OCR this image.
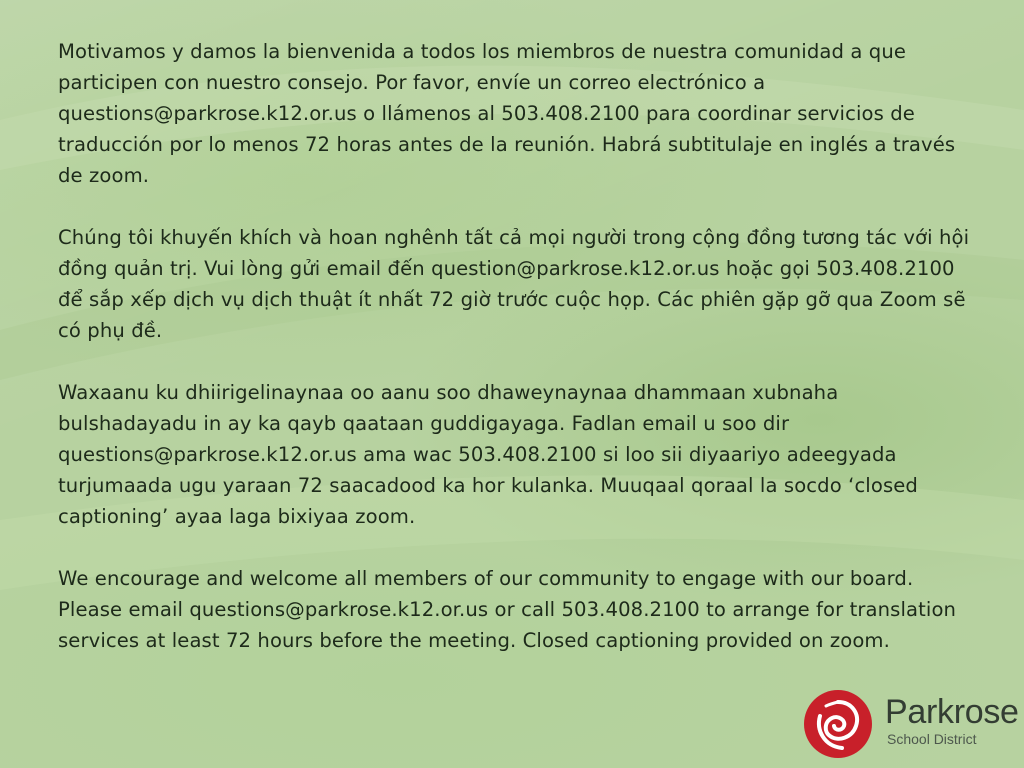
Motivamos y damos la bienvenida a todos los miembros de nuestra comunidad a que participen con nuestro consejo. Por favor, envíe un correo electrónico a questions@parkrose.k12.or.us o llámenos al 503.408.2100 para coordinar servicios de traducción por lo menos 72 horas antes de la reunión. Habrá subtitulaje en inglés a través de zoom.

Chúng tôi khuyến khích và hoan nghênh tất cả mọi người trong cộng đồng tương tác với hội đồng quản trị. Vui lòng gửi email đến question@parkrose.k12.or.us hoặc gọi 503.408.2100 để sắp xếp dịch vụ dịch thuật ít nhất 72 giờ trước cuộc họp. Các phiên gặp gỡ qua Zoom sẽ có phụ đề.

Waxaanu ku dhiirigelinaynaa oo aanu soo dhaweynaynaa dhammaan xubnaha bulshadayadu in ay ka qayb qaataan guddigayaga. Fadlan email u soo dir questions@parkrose.k12.or.us ama wac 503.408.2100 si loo sii diyaariyo adeegyada turjumaada ugu yaraan 72 saacadood ka hor kulanka. Muuqaal qoraal la socdo ‘closed captioning’ ayaa laga bixiyaa zoom.

We encourage and welcome all members of our community to engage with our board. Please email questions@parkrose.k12.or.us or call 503.408.2100 to arrange for translation services at least 72 hours before the meeting. Closed captioning provided on zoom.

Parkrose
School District
